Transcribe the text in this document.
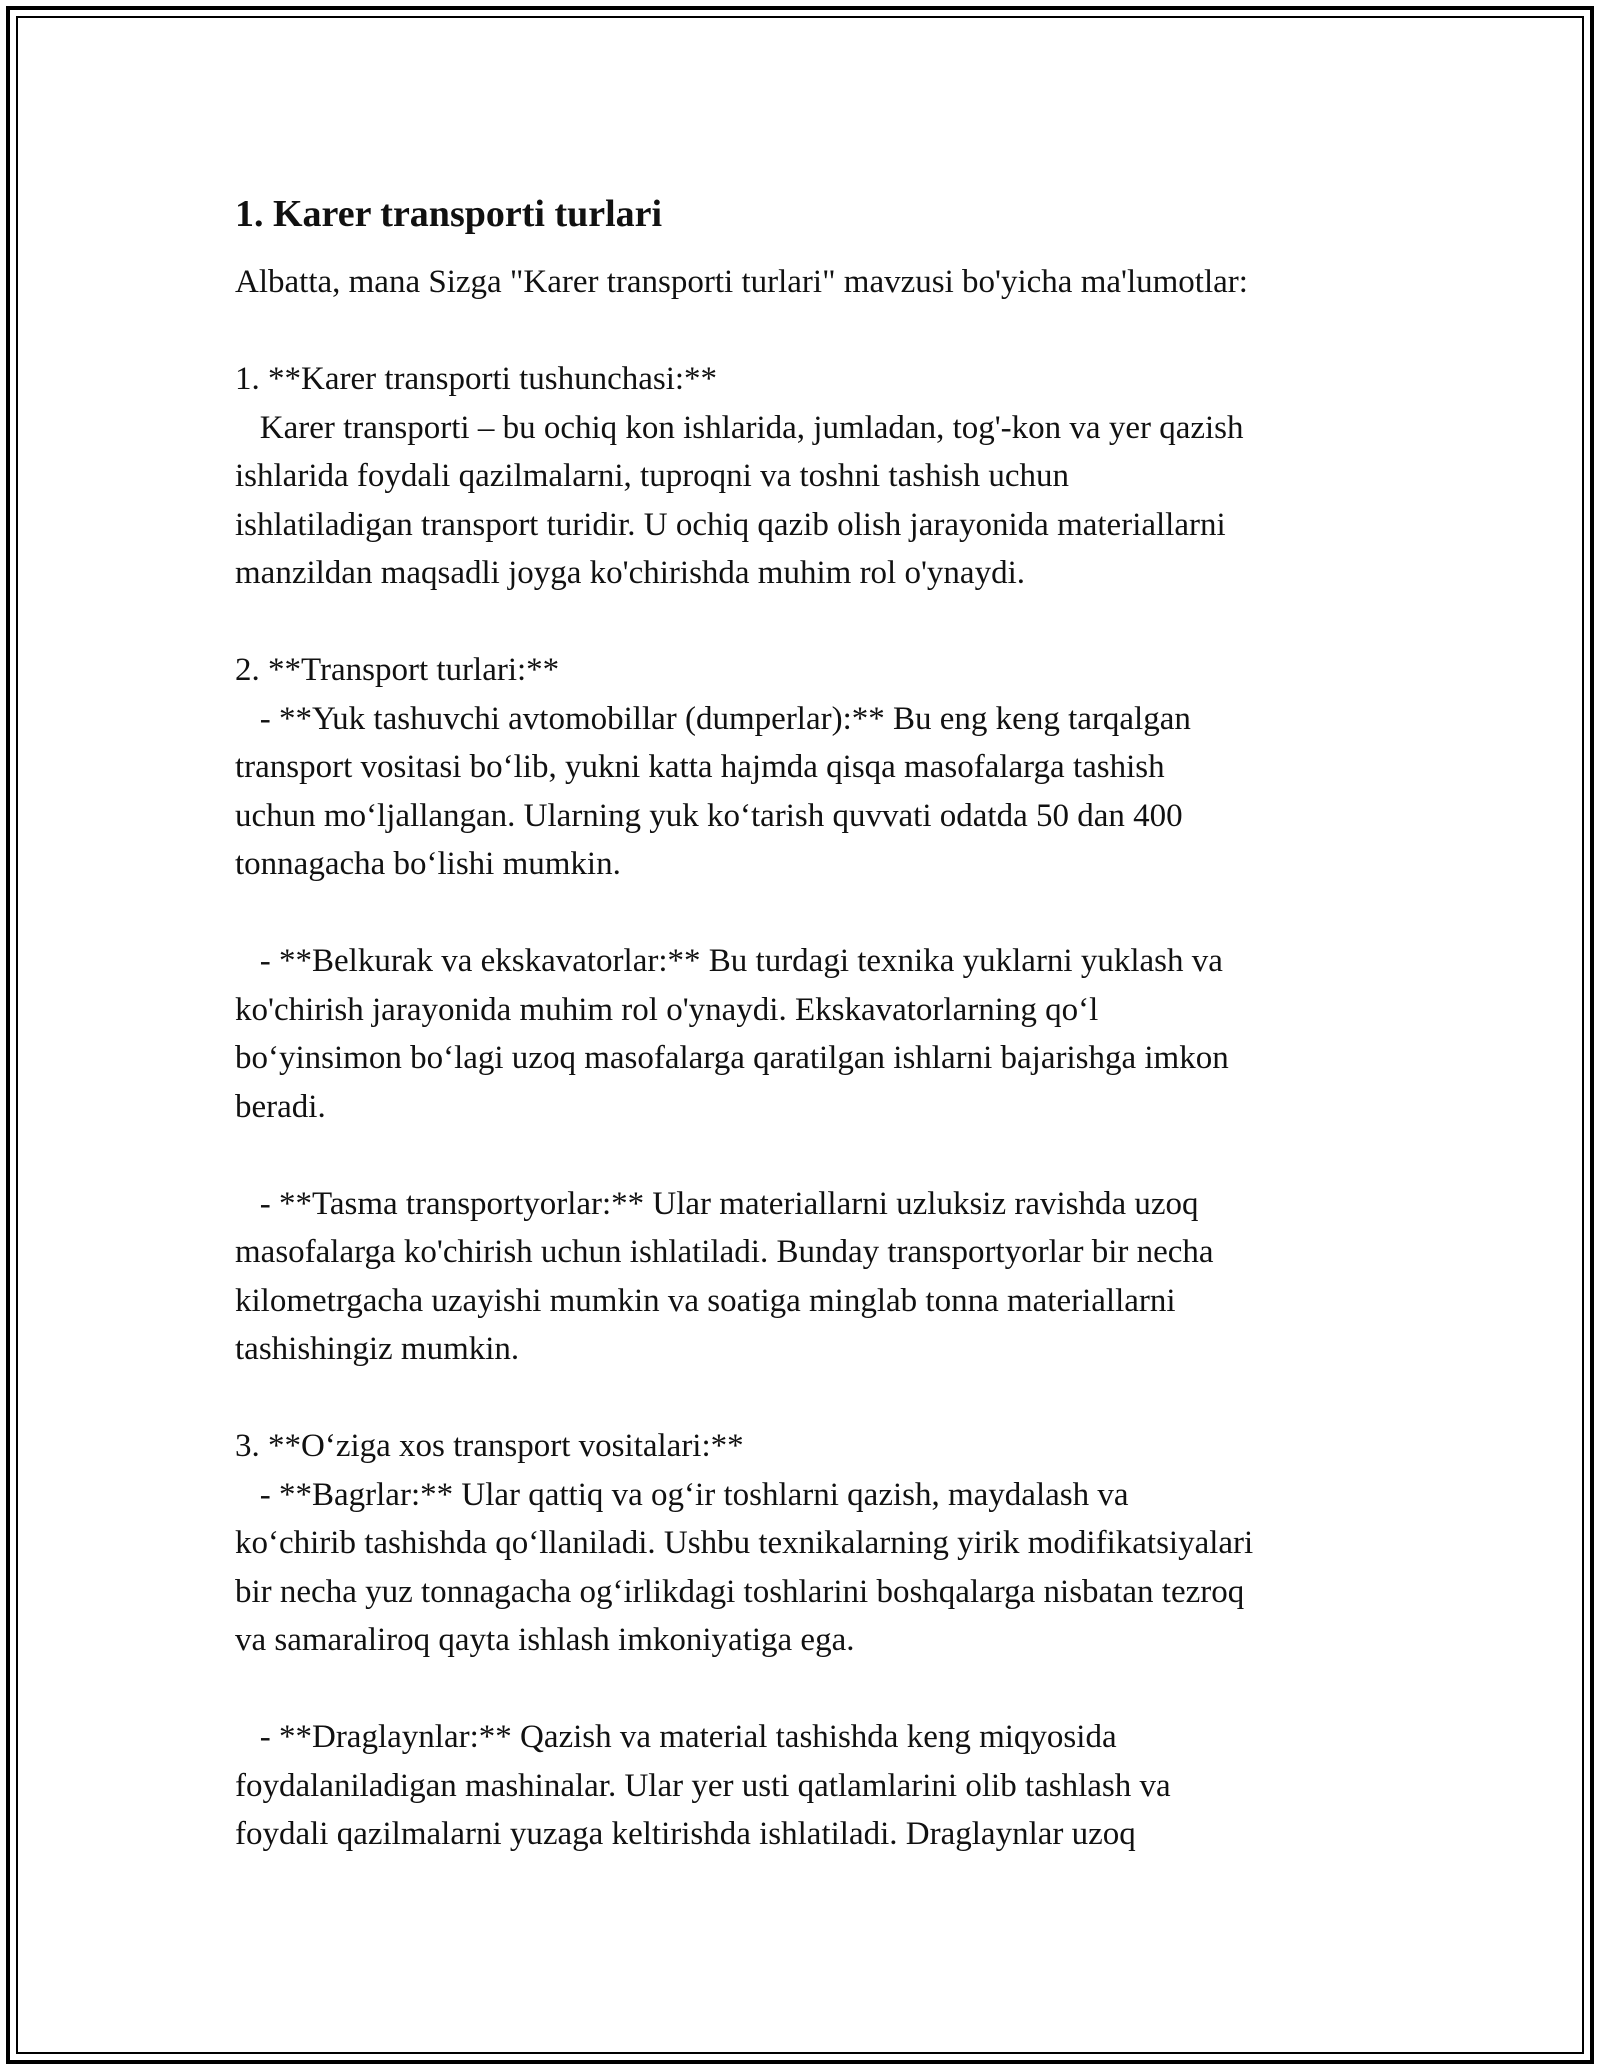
1. Karer transporti turlari

Albatta, mana Sizga "Karer transporti turlari" mavzusi bo'yicha ma'lumotlar:

1. **Karer transporti tushunchasi:**
Karer transporti – bu ochiq kon ishlarida, jumladan, tog'-kon va yer qazish
ishlarida foydali qazilmalarni, tuproqni va toshni tashish uchun
ishlatiladigan transport turidir. U ochiq qazib olish jarayonida materiallarni
manzildan maqsadli joyga ko'chirishda muhim rol o'ynaydi.

2. **Transport turlari:**
- **Yuk tashuvchi avtomobillar (dumperlar):** Bu eng keng tarqalgan
transport vositasi bo‘lib, yukni katta hajmda qisqa masofalarga tashish
uchun mo‘ljallangan. Ularning yuk ko‘tarish quvvati odatda 50 dan 400
tonnagacha bo‘lishi mumkin.

- **Belkurak va ekskavatorlar:** Bu turdagi texnika yuklarni yuklash va
ko'chirish jarayonida muhim rol o'ynaydi. Ekskavatorlarning qo‘l
bo‘yinsimon bo‘lagi uzoq masofalarga qaratilgan ishlarni bajarishga imkon
beradi.

- **Tasma transportyorlar:** Ular materiallarni uzluksiz ravishda uzoq
masofalarga ko'chirish uchun ishlatiladi. Bunday transportyorlar bir necha
kilometrgacha uzayishi mumkin va soatiga minglab tonna materiallarni
tashishingiz mumkin.

3. **O‘ziga xos transport vositalari:**
- **Bagrlar:** Ular qattiq va og‘ir toshlarni qazish, maydalash va
ko‘chirib tashishda qo‘llaniladi. Ushbu texnikalarning yirik modifikatsiyalari
bir necha yuz tonnagacha og‘irlikdagi toshlarini boshqalarga nisbatan tezroq
va samaraliroq qayta ishlash imkoniyatiga ega.

- **Draglaynlar:** Qazish va material tashishda keng miqyosida
foydalaniladigan mashinalar. Ular yer usti qatlamlarini olib tashlash va
foydali qazilmalarni yuzaga keltirishda ishlatiladi. Draglaynlar uzoq
